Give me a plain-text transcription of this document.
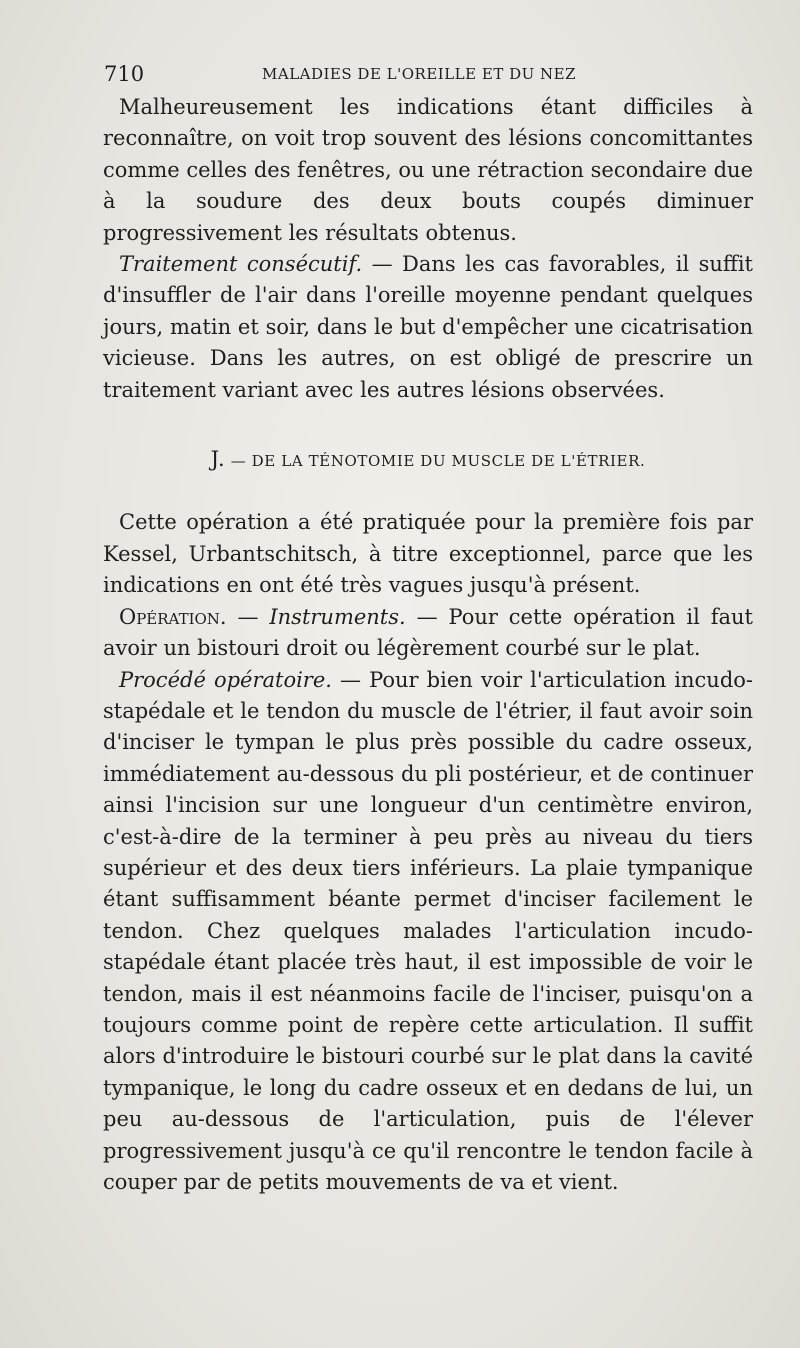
710	MALADIES DE L'OREILLE ET DU NEZ

Malheureusement les indications étant difficiles à reconnaître, on voit trop souvent des lésions concomittantes comme celles des fenêtres, ou une rétraction secondaire due à la soudure des deux bouts coupés diminuer progressivement les résultats obtenus.

Traitement consécutif. — Dans les cas favorables, il suffit d'insuffler de l'air dans l'oreille moyenne pendant quelques jours, matin et soir, dans le but d'empêcher une cicatrisation vicieuse. Dans les autres, on est obligé de prescrire un traitement variant avec les autres lésions observées.

J. — DE LA TÉNOTOMIE DU MUSCLE DE L'ÉTRIER.

Cette opération a été pratiquée pour la première fois par Kessel, Urbantschitsch, à titre exceptionnel, parce que les indications en ont été très vagues jusqu'à présent.

Opération. — Instruments. — Pour cette opération il faut avoir un bistouri droit ou légèrement courbé sur le plat.

Procédé opératoire. — Pour bien voir l'articulation incudo-stapédale et le tendon du muscle de l'étrier, il faut avoir soin d'inciser le tympan le plus près possible du cadre osseux, immédiatement au-dessous du pli postérieur, et de continuer ainsi l'incision sur une longueur d'un centimètre environ, c'est-à-dire de la terminer à peu près au niveau du tiers supérieur et des deux tiers inférieurs. La plaie tympanique étant suffisamment béante permet d'inciser facilement le tendon. Chez quelques malades l'articulation incudo-stapédale étant placée très haut, il est impossible de voir le tendon, mais il est néanmoins facile de l'inciser, puisqu'on a toujours comme point de repère cette articulation. Il suffit alors d'introduire le bistouri courbé sur le plat dans la cavité tympanique, le long du cadre osseux et en dedans de lui, un peu au-dessous de l'articulation, puis de l'élever progressivement jusqu'à ce qu'il rencontre le tendon facile à couper par de petits mouvements de va et vient.
